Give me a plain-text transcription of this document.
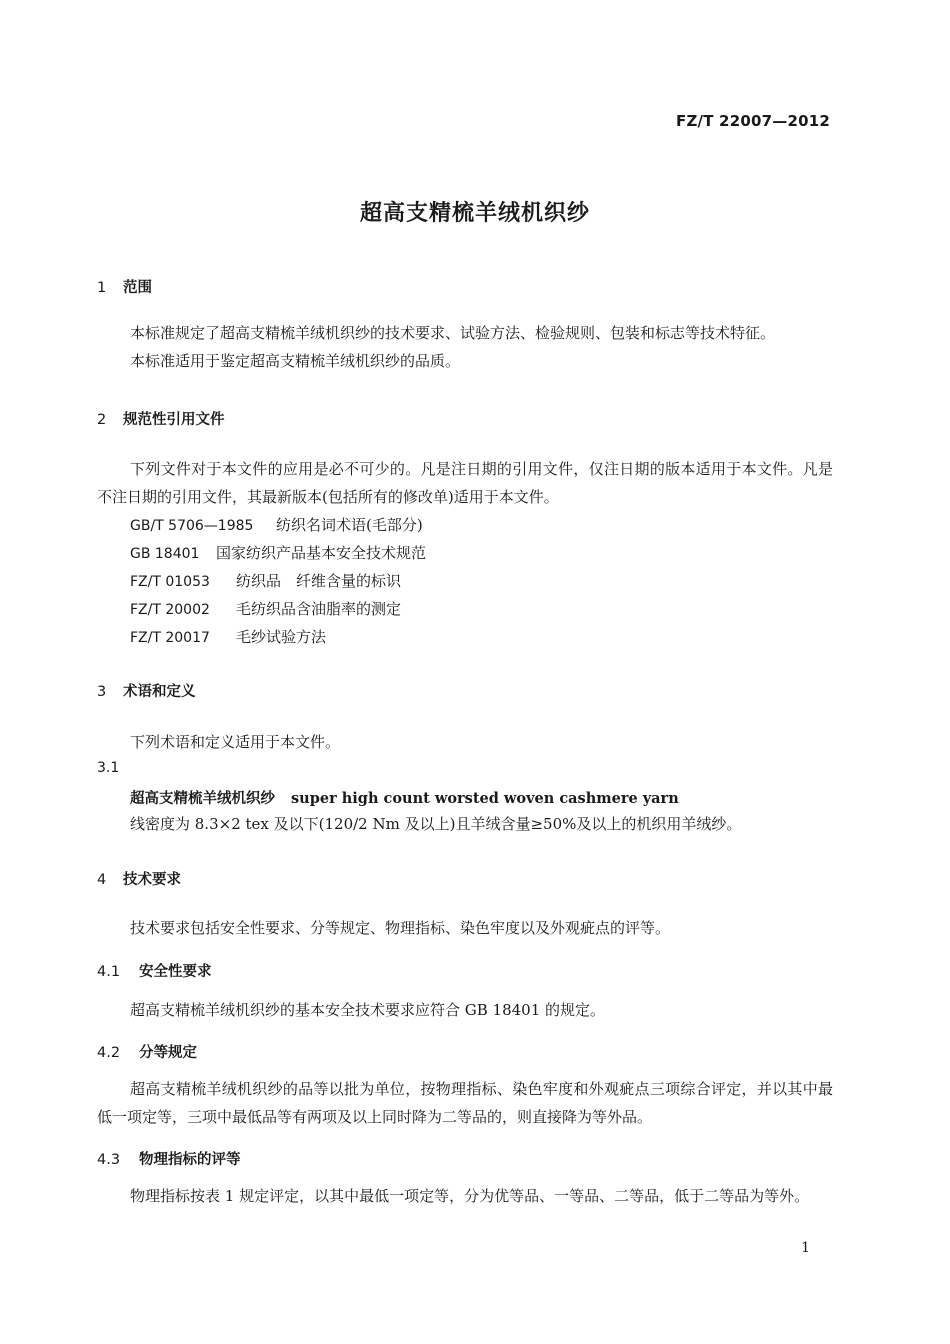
FZ/T 22007—2012
超高支精梳羊绒机织纱
1 范围

本标准规定了超高支精梳羊绒机织纱的技术要求、试验方法、检验规则、包装和标志等技术特征。

本标准适用于鉴定超高支精梳羊绒机织纱的品质。

2 规范性引用文件

下列文件对于本文件的应用是必不可少的。凡是注日期的引用文件，仅注日期的版本适用于本文件。凡是不注日期的引用文件，其最新版本(包括所有的修改单)适用于本文件。

GB/T 5706—1985 纺织名词术语(毛部分)
GB 18401 国家纺织产品基本安全技术规范
FZ/T 01053 纺织品　纤维含量的标识
FZ/T 20002 毛纺织品含油脂率的测定
FZ/T 20017 毛纱试验方法
3 术语和定义

下列术语和定义适用于本文件。

3.1
超高支精梳羊绒机织纱 super high count worsted woven cashmere yarn

线密度为 8.3×2 tex 及以下(120/2 Nm 及以上)且羊绒含量≥50%及以上的机织用羊绒纱。

4 技术要求

技术要求包括安全性要求、分等规定、物理指标、染色牢度以及外观疵点的评等。

4.1 安全性要求

超高支精梳羊绒机织纱的基本安全技术要求应符合 GB 18401 的规定。

4.2 分等规定

超高支精梳羊绒机织纱的品等以批为单位，按物理指标、染色牢度和外观疵点三项综合评定，并以其中最低一项定等，三项中最低品等有两项及以上同时降为二等品的，则直接降为等外品。

4.3 物理指标的评等

物理指标按表 1 规定评定，以其中最低一项定等，分为优等品、一等品、二等品，低于二等品为等外。

1
